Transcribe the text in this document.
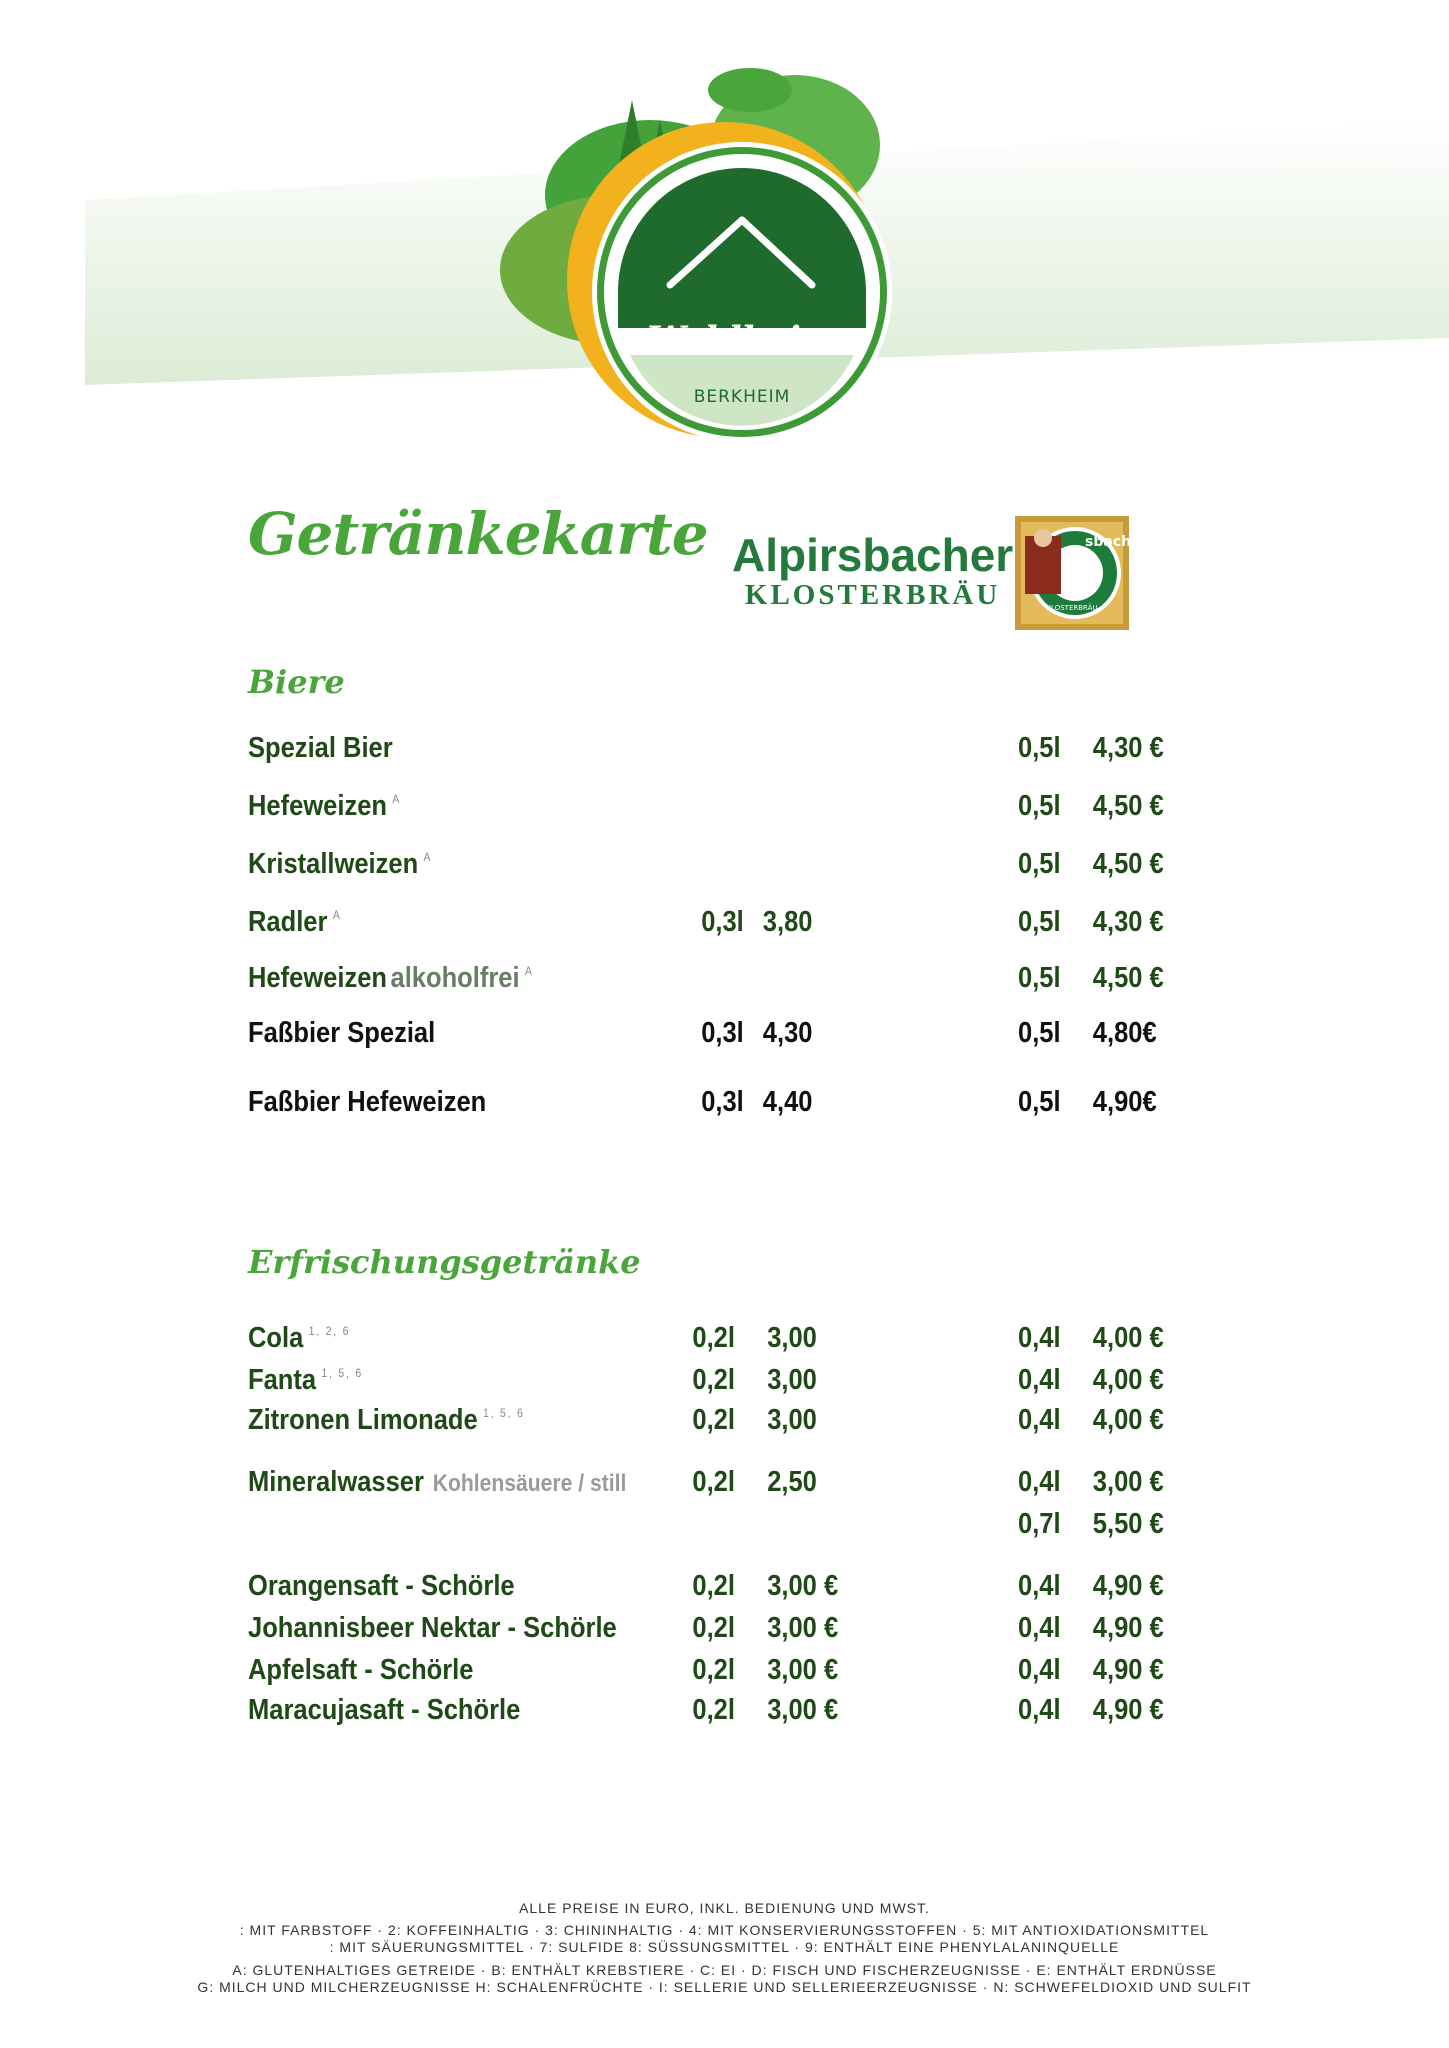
Waldheim
BERKHEIM
Getränkekarte Alpirsbacher
KLOSTERBRÄU
sbacher
KLOSTERBRÄU
Biere
Spezial Bier	0,5l 4,30 €
Hefeweizen $^A$	0,5l 4,50 €
Kristallweizen $^A$	0,5l 4,50 €
Radler $^A$	0,3l 3,80	0,5l 4,30 €
Hefeweizen alkoholfrei $^A$	0,5l 4,50 €
Faßbier Spezial	0,3l 4,30	0,5l 4,80€
Faßbier Hefeweizen	0,3l 4,40	0,5l 4,90€
Erfrischungsgetränke
Cola $^{1, 2, 6}$	0,2l 3,00	0,4l 4,00 €
Fanta $^{1, 5, 6}$	0,2l 3,00	0,4l 4,00 €
Zitronen Limonade $^{1, 5, 6}$	0,2l 3,00	0,4l 4,00 €
Mineralwasser Kohlensäuere / still 0,2l 2,50	0,4l 3,00 €
0,7l 5,50 €
Orangensaft - Schörle	0,2l 3,00 €	0,4l 4,90 €
Johannisbeer Nektar - Schörle	0,2l 3,00 €	0,4l 4,90 €
Apfelsaft - Schörle	0,2l 3,00 €	0,4l 4,90 €
Maracujasaft - Schörle	0,2l 3,00 €	0,4l 4,90 €
ALLE PREISE IN EURO, INKL. BEDIENUNG UND MWST.
: MIT FARBSTOFF · 2: KOFFEINHALTIG · 3: CHININHALTIG · 4: MIT KONSERVIERUNGSSTOFFEN · 5: MIT ANTIOXIDATIONSMITTEL
: MIT SÄUERUNGSMITTEL · 7: SULFIDE 8: SÜSSUNGSMITTEL · 9: ENTHÄLT EINE PHENYLALANINQUELLE
A: GLUTENHALTIGES GETREIDE · B: ENTHÄLT KREBSTIERE · C: EI · D: FISCH UND FISCHERZEUGNISSE · E: ENTHÄLT ERDNÜSSE
G: MILCH UND MILCHERZEUGNISSE H: SCHALENFRÜCHTE · I: SELLERIE UND SELLERIEERZEUGNISSE · N: SCHWEFELDIOXID UND SULFIT
